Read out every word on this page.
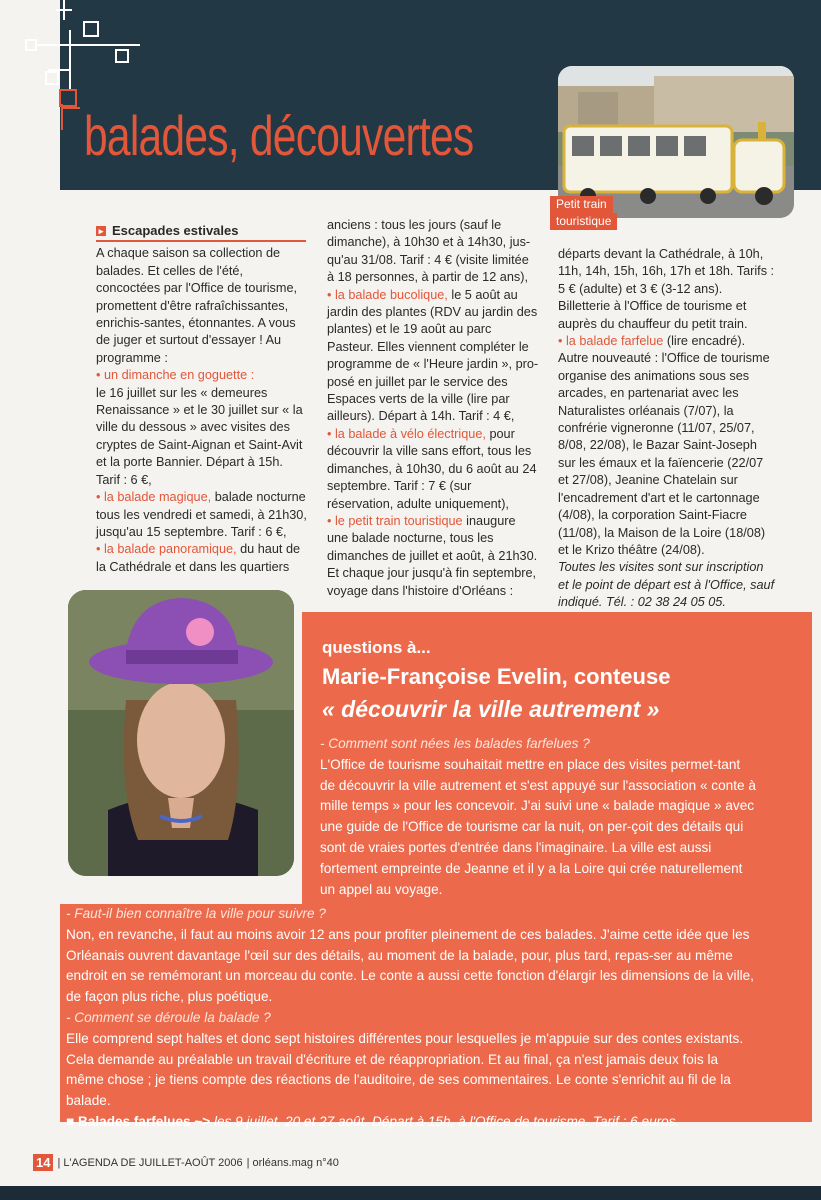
balades, découvertes
Petit train
touristique
▸ Escapades estivales

A chaque saison sa collection de balades. Et celles de l'été, concoctées par l'Office de tourisme, promettent d'être rafraîchissantes, enrichis-santes, étonnantes. A vous de juger et surtout d'essayer ! Au programme :

• un dimanche en goguette :

le 16 juillet sur les « demeures Renaissance » et le 30 juillet sur « la ville du dessous » avec visites des cryptes de Saint-Aignan et Saint-Avit et la porte Bannier. Départ à 15h. Tarif : 6 €,

• la balade magique, balade nocturne tous les vendredi et samedi, à 21h30, jusqu'au 15 septembre. Tarif : 6 €,

• la balade panoramique, du haut de la Cathédrale et dans les quartiers

anciens : tous les jours (sauf le dimanche), à 10h30 et à 14h30, jus-qu'au 31/08. Tarif : 4 € (visite limitée à 18 personnes, à partir de 12 ans),

• la balade bucolique, le 5 août au jardin des plantes (RDV au jardin des plantes) et le 19 août au parc Pasteur. Elles viennent compléter le programme de « l'Heure jardin », pro-posé en juillet par le service des Espaces verts de la ville (lire par ailleurs). Départ à 14h. Tarif : 4 €,

• la balade à vélo électrique, pour découvrir la ville sans effort, tous les dimanches, à 10h30, du 6 août au 24 septembre. Tarif : 7 € (sur réservation, adulte uniquement),

• le petit train touristique inaugure une balade nocturne, tous les dimanches de juillet et août, à 21h30. Et chaque jour jusqu'à fin septembre, voyage dans l'histoire d'Orléans :

départs devant la Cathédrale, à 10h, 11h, 14h, 15h, 16h, 17h et 18h. Tarifs : 5 € (adulte) et 3 € (3-12 ans). Billetterie à l'Office de tourisme et auprès du chauffeur du petit train.

• la balade farfelue (lire encadré).

Autre nouveauté : l'Office de tourisme organise des animations sous ses arcades, en partenariat avec les Naturalistes orléanais (7/07), la confrérie vigneronne (11/07, 25/07, 8/08, 22/08), le Bazar Saint-Joseph sur les émaux et la faïencerie (22/07 et 27/08), Jeanine Chatelain sur l'encadrement d'art et le cartonnage (4/08), la corporation Saint-Fiacre (11/08), la Maison de la Loire (18/08) et le Krizo théâtre (24/08).

Toutes les visites sont sur inscription et le point de départ est à l'Office, sauf indiqué. Tél. : 02 38 24 05 05.

questions à...
Marie-Françoise Evelin, conteuse
« découvrir la ville autrement »

- Comment sont nées les balades farfelues ?

L'Office de tourisme souhaitait mettre en place des visites permet-tant de découvrir la ville autrement et s'est appuyé sur l'association « conte à mille temps » pour les concevoir. J'ai suivi une « balade magique » avec une guide de l'Office de tourisme car la nuit, on per-çoit des détails qui sont de vraies portes d'entrée dans l'imaginaire. La ville est aussi fortement empreinte de Jeanne et il y a la Loire qui crée naturellement un appel au voyage.

- Faut-il bien connaître la ville pour suivre ?

Non, en revanche, il faut au moins avoir 12 ans pour profiter pleinement de ces balades. J'aime cette idée que les Orléanais ouvrent davantage l'œil sur des détails, au moment de la balade, pour, plus tard, repas-ser au même endroit en se remémorant un morceau du conte. Le conte a aussi cette fonction d'élargir les dimensions de la ville, de façon plus riche, plus poétique.

- Comment se déroule la balade ?

Elle comprend sept haltes et donc sept histoires différentes pour lesquelles je m'appuie sur des contes existants. Cela demande au préalable un travail d'écriture et de réappropriation. Et au final, ça n'est jamais deux fois la même chose ; je tiens compte des réactions de l'auditoire, de ses commentaires. Le conte s'enrichit au fil de la balade.

■ Balades farfelues ~> les 9 juillet, 20 et 27 août. Départ à 15h, à l'Office de tourisme. Tarif : 6 euros.

14 | L'AGENDA DE JUILLET-AOÛT 2006 | orléans.mag n°40
